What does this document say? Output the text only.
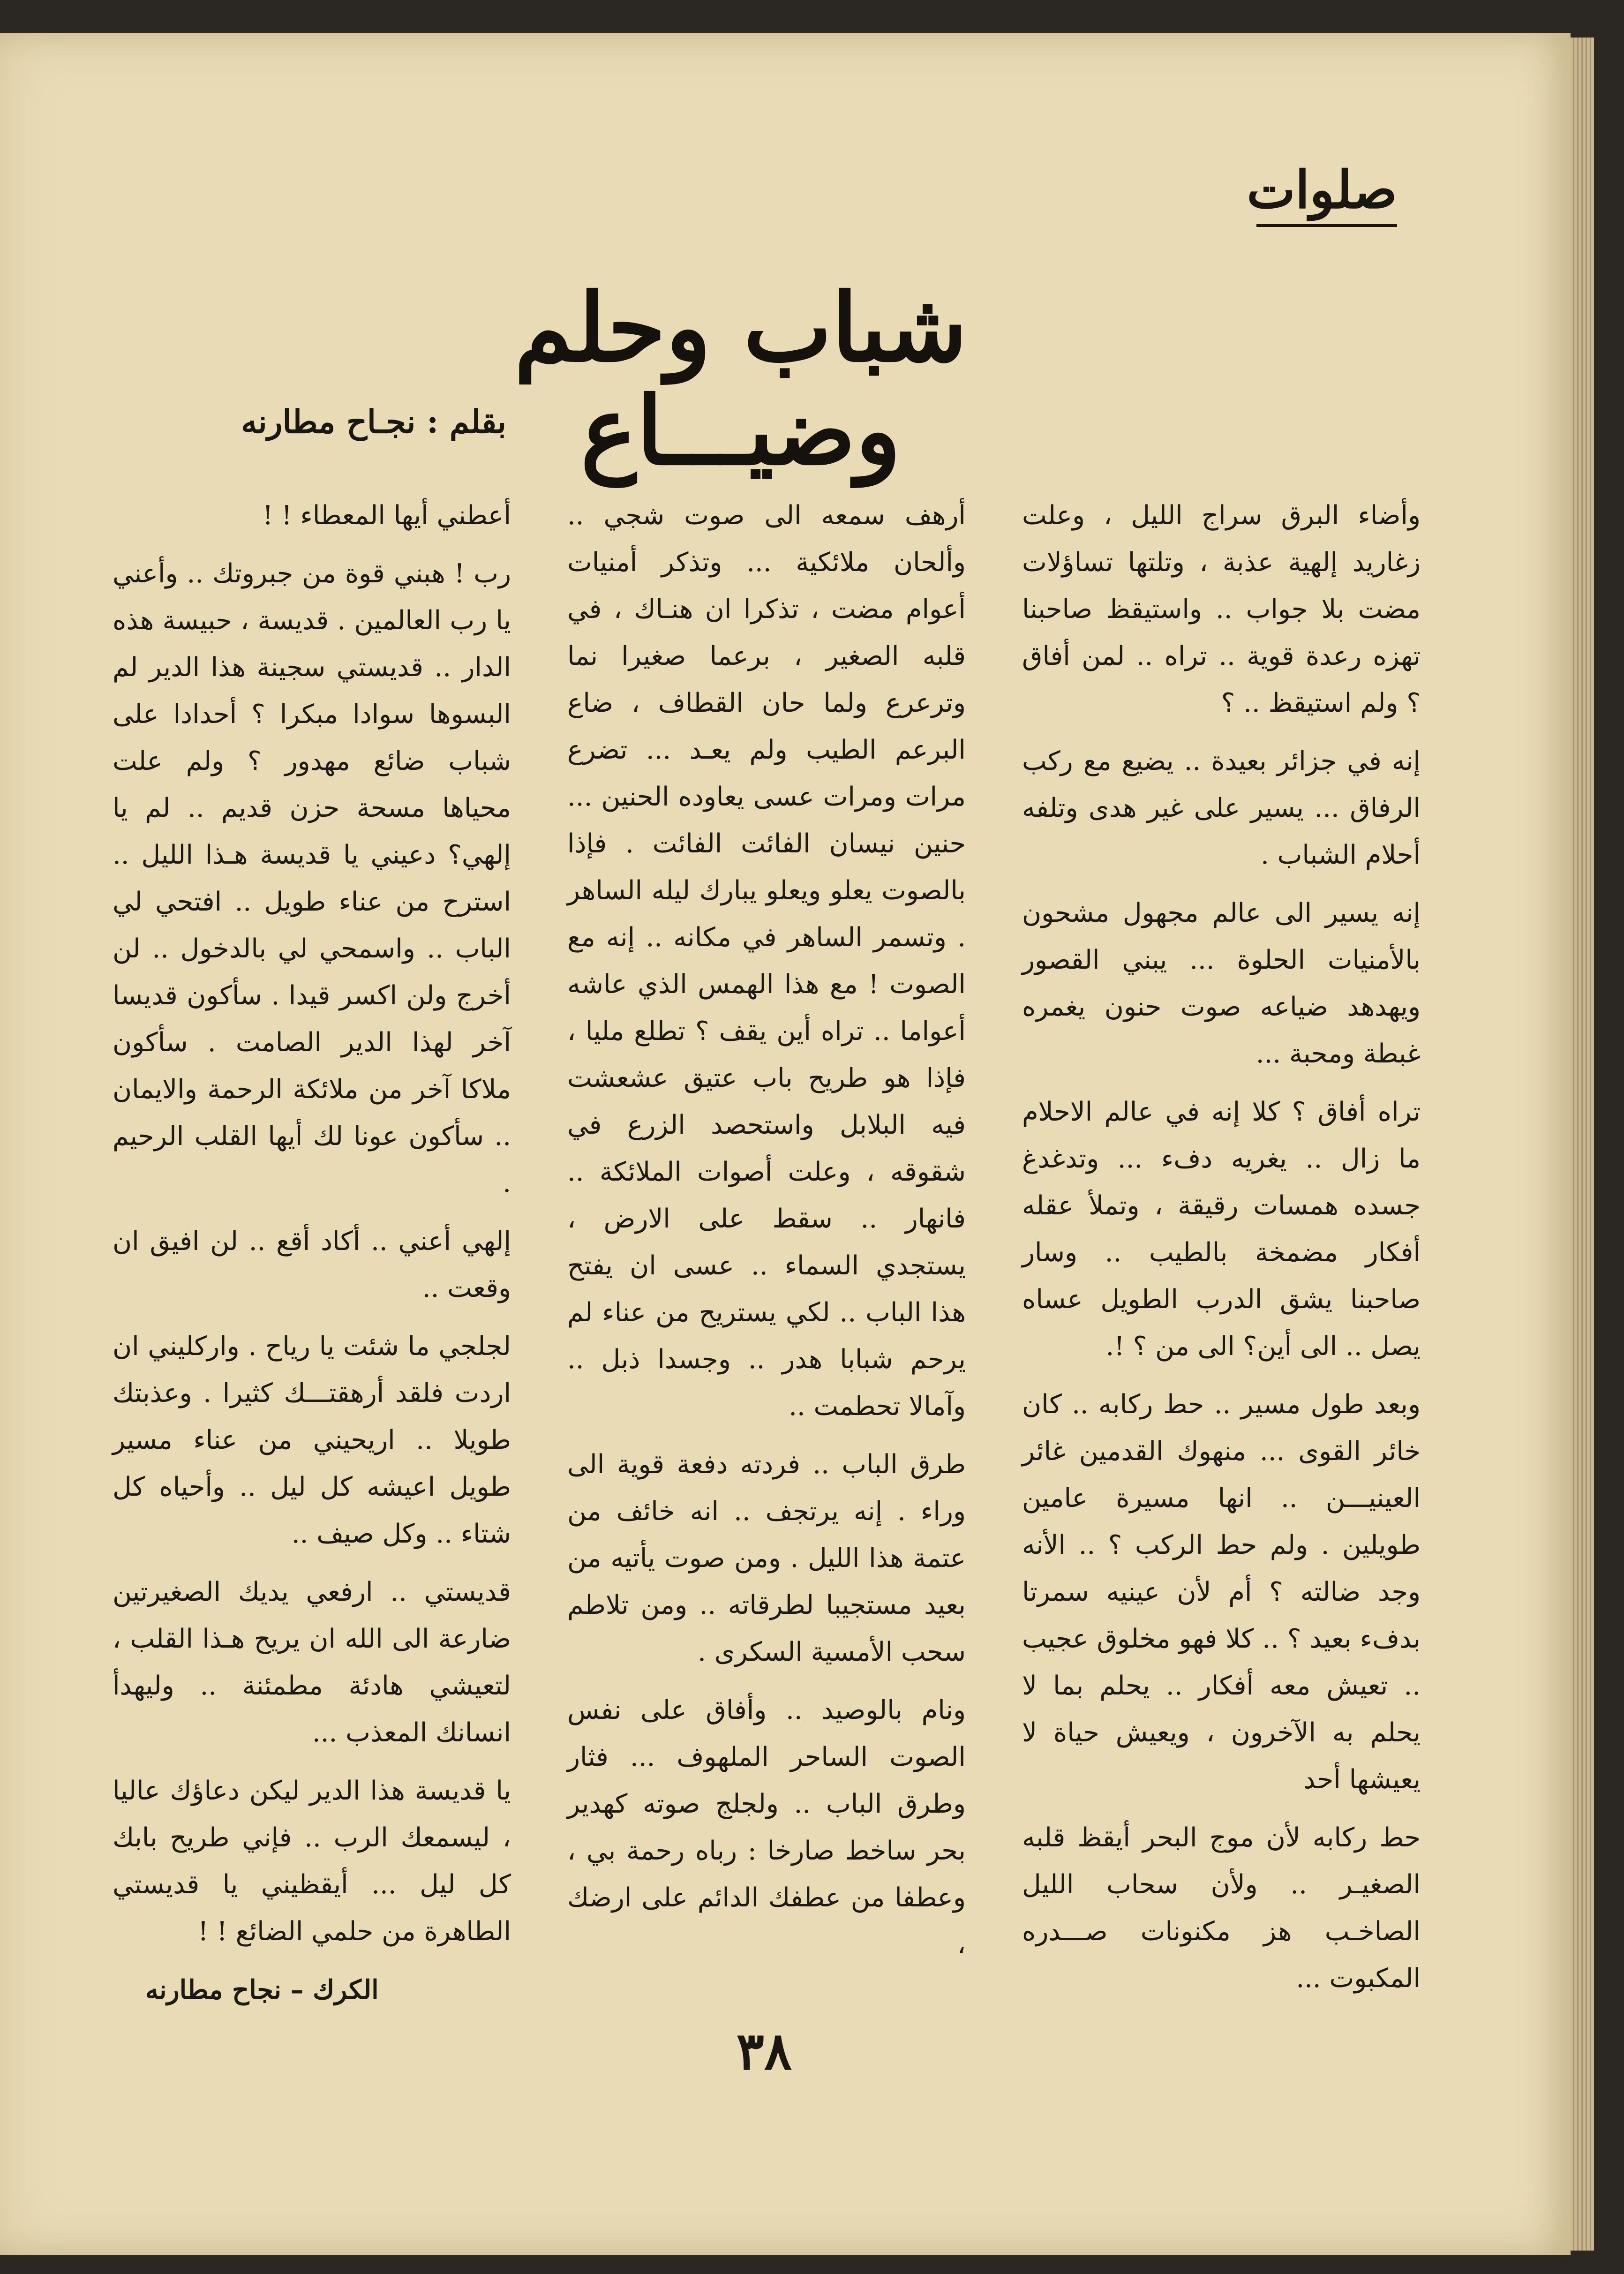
صلوات
شباب وحلم وضيـــاع
بقلم : نجـاح مطارنه

وأضاء البرق سراج الليل ، وعلت زغاريد إلهية عذبة ، وتلتها تساؤلات مضت بلا جواب .. واستيقظ صاحبنا تهزه رعدة قوية .. تراه .. لمن أفاق ؟ ولم استيقظ .. ؟

إنه في جزائر بعيدة .. يضيع مع ركب الرفاق ... يسير على غير هدى وتلفه أحلام الشباب .

إنه يسير الى عالم مجهول مشحون بالأمنيات الحلوة ... يبني القصور ويهدهد ضياعه صوت حنون يغمره غبطة ومحبة ...

تراه أفاق ؟ كلا إنه في عالم الاحلام ما زال .. يغريه دفء ... وتدغدغ جسده همسات رقيقة ، وتملأ عقله أفكار مضمخة بالطيب .. وسار صاحبنا يشق الدرب الطويل عساه يصل .. الى أين؟ الى من ؟ !.

وبعد طول مسير .. حط ركابه .. كان خائر القوى ... منهوك القدمين غائر العينيـــن .. انها مسيرة عامين طويلين . ولم حط الركب ؟ .. الأنه وجد ضالته ؟ أم لأن عينيه سمرتا بدفء بعيد ؟ .. كلا فهو مخلوق عجيب .. تعيش معه أفكار .. يحلم بما لا يحلم به الآخرون ، ويعيش حياة لا يعيشها أحد

حط ركابه لأن موج البحر أيقظ قلبه الصغيـر .. ولأن سحاب الليل الصاخـب هز مكنونات صـــدره المكبوت ...

أرهف سمعه الى صوت شجي .. وألحان ملائكية ... وتذكر أمنيات أعوام مضت ، تذكرا ان هنـاك ، في قلبه الصغير ، برعما صغيرا نما وترعرع ولما حان القطاف ، ضاع البرعم الطيب ولم يعـد ... تضرع مرات ومرات عسى يعاوده الحنين ... حنين نيسان الفائت الفائت . فإذا بالصوت يعلو ويعلو يبارك ليله الساهر . وتسمر الساهر في مكانه .. إنه مع الصوت ! مع هذا الهمس الذي عاشه أعواما .. تراه أين يقف ؟ تطلع مليا ، فإذا هو طريح باب عتيق عشعشت فيه البلابل واستحصد الزرع في شقوقه ، وعلت أصوات الملائكة .. فانهار .. سقط على الارض ، يستجدي السماء .. عسى ان يفتح هذا الباب .. لكي يستريح من عناء لم يرحم شبابا هدر .. وجسدا ذبل .. وآمالا تحطمت ..

طرق الباب .. فردته دفعة قوية الى وراء . إنه يرتجف .. انه خائف من عتمة هذا الليل . ومن صوت يأتيه من بعيد مستجيبا لطرقاته .. ومن تلاطم سحب الأمسية السكرى .

ونام بالوصيد .. وأفاق على نفس الصوت الساحر الملهوف ... فثار وطرق الباب .. ولجلج صوته كهدير بحر ساخط صارخا : رباه رحمة بي ، وعطفا من عطفك الدائم على ارضك ،

أعطني أيها المعطاء ! !

رب ! هبني قوة من جبروتك .. وأعني يا رب العالمين . قديسة ، حبيسة هذه الدار .. قديستي سجينة هذا الدير لم البسوها سوادا مبكرا ؟ أحدادا على شباب ضائع مهدور ؟ ولم علت محياها مسحة حزن قديم .. لم يا إلهي؟ دعيني يا قديسة هـذا الليل .. استرح من عناء طويل .. افتحي لي الباب .. واسمحي لي بالدخول .. لن أخرج ولن اكسر قيدا . سأكون قديسا آخر لهذا الدير الصامت . سأكون ملاكا آخر من ملائكة الرحمة والايمان .. سأكون عونا لك أيها القلب الرحيم .

إلهي أعني .. أكاد أقع .. لن افيق ان وقعت ..

لجلجي ما شئت يا رياح . واركليني ان اردت فلقد أرهقتـــك كثيرا . وعذبتك طويلا .. اريحيني من عناء مسير طويل اعيشه كل ليل .. وأحياه كل شتاء .. وكل صيف ..

قديستي .. ارفعي يديك الصغيرتين ضارعة الى الله ان يريح هـذا القلب ، لتعيشي هادئة مطمئنة .. وليهدأ انسانك المعذب ...

يا قديسة هذا الدير ليكن دعاؤك عاليا ، ليسمعك الرب .. فإني طريح بابك كل ليل ... أيقظيني يا قديستي الطاهرة من حلمي الضائع ! !

الكرك – نجاح مطارنه

٣٨
